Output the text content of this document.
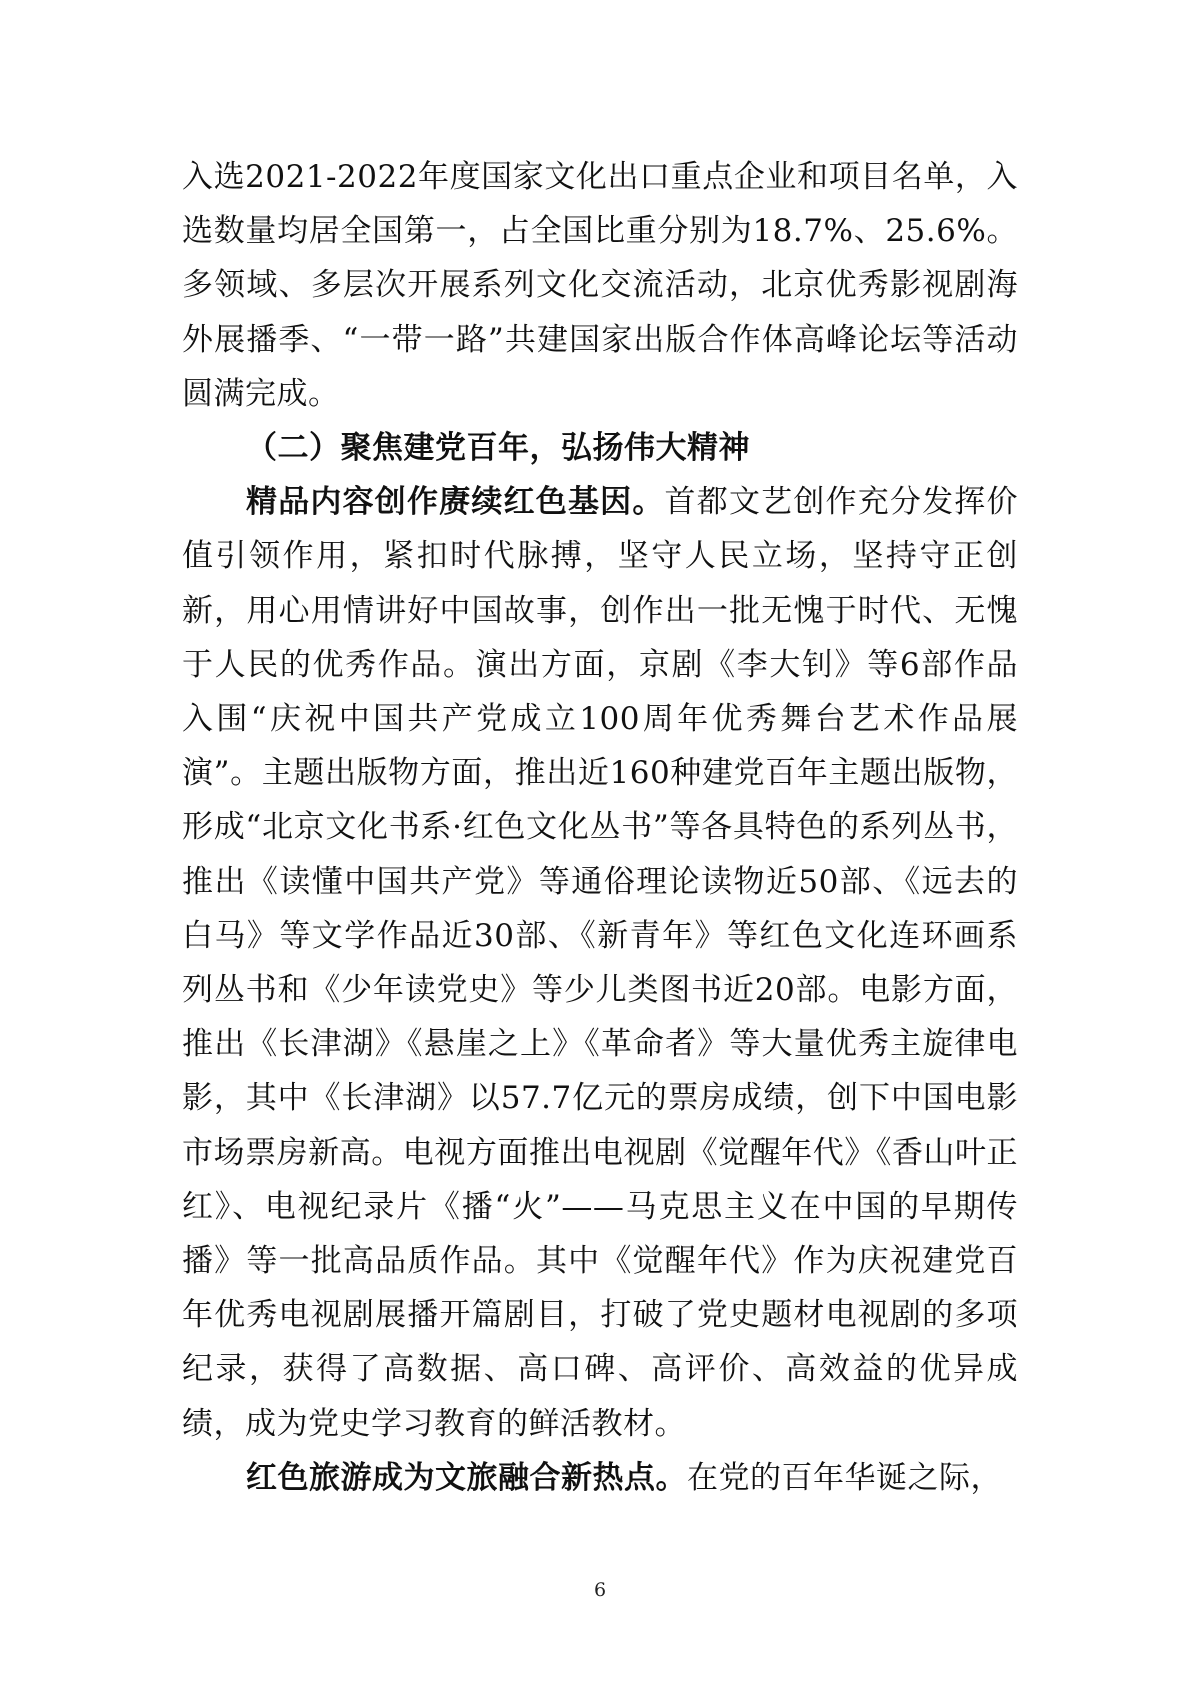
入选2021-2022年度国家文化出口重点企业和项目名单，入选数量均居全国第一，占全国比重分别为18.7%、25.6%。多领域、多层次开展系列文化交流活动，北京优秀影视剧海外展播季、“一带一路”共建国家出版合作体高峰论坛等活动圆满完成。

（二）聚焦建党百年，弘扬伟大精神

精品内容创作赓续红色基因。首都文艺创作充分发挥价值引领作用，紧扣时代脉搏，坚守人民立场，坚持守正创新，用心用情讲好中国故事，创作出一批无愧于时代、无愧于人民的优秀作品。演出方面，京剧《李大钊》等6部作品入围“庆祝中国共产党成立100周年优秀舞台艺术作品展演”。主题出版物方面，推出近160种建党百年主题出版物，形成“北京文化书系·红色文化丛书”等各具特色的系列丛书，推出《读懂中国共产党》等通俗理论读物近50部、《远去的白马》等文学作品近30部、《新青年》等红色文化连环画系列丛书和《少年读党史》等少儿类图书近20部。电影方面，推出《长津湖》《悬崖之上》《革命者》等大量优秀主旋律电影，其中《长津湖》以57.7亿元的票房成绩，创下中国电影市场票房新高。电视方面推出电视剧《觉醒年代》《香山叶正红》、电视纪录片《播“火”——马克思主义在中国的早期传播》等一批高品质作品。其中《觉醒年代》作为庆祝建党百年优秀电视剧展播开篇剧目，打破了党史题材电视剧的多项纪录，获得了高数据、高口碑、高评价、高效益的优异成绩，成为党史学习教育的鲜活教材。

红色旅游成为文旅融合新热点。在党的百年华诞之际，

6
